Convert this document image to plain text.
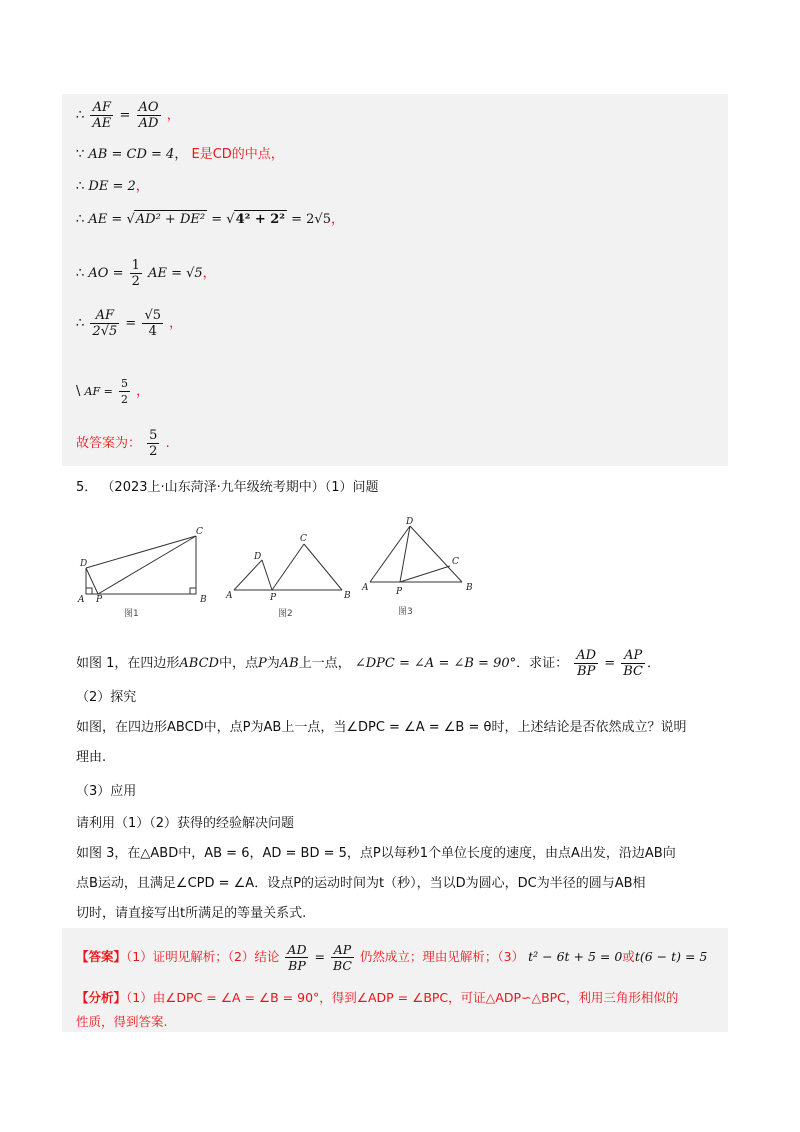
∴ $\frac{AF}{AE} = \frac{AO}{AD}$ ，
∵ AB = CD = 4， E是CD的中点，
∴ DE = 2，
∴ AE = √AD² + DE² = √4² + 2² = 2√5，
∴ AO = $\frac{1}{2}$ AE = √5，
∴ $\frac{AF}{2√5} = \frac{√5}{4}$ ，
\ AF = $\frac{5}{2}$ ，
故答案为： $\frac{5}{2}$ .
5． （2023上·山东菏泽·九年级统考期中）（1）问题
D
C
A P	B
图1
D
C
A	P	B
图2
D
C
A	P	B
图3
如图 1，在四边形ABCD中，点P为AB上一点， ∠DPC = ∠A = ∠B = 90°．求证： $\frac{AD}{BP} = \frac{AP}{BC}$ ．
（2）探究
如图，在四边形ABCD中，点P为AB上一点，当∠DPC = ∠A = ∠B = θ时，上述结论是否依然成立？说明
理由.
（3）应用
请利用（1）（2）获得的经验解决问题
如图 3，在△ABD中，AB = 6，AD = BD = 5，点P以每秒1个单位长度的速度，由点A出发，沿边AB向
点B运动，且满足∠CPD = ∠A．设点P的运动时间为t（秒），当以D为圆心，DC为半径的圆与AB相
切时，请直接写出t所满足的等量关系式.
【答案】（1）证明见解析；（2）结论 $\frac{AD}{BP} = \frac{AP}{BC}$ 仍然成立；理由见解析；（3） t² − 6t + 5 = 0或t(6 − t) = 5
【分析】（1）由∠DPC = ∠A = ∠B = 90°，得到∠ADP = ∠BPC，可证△ADP∽△BPC，利用三角形相似的
性质，得到答案.
